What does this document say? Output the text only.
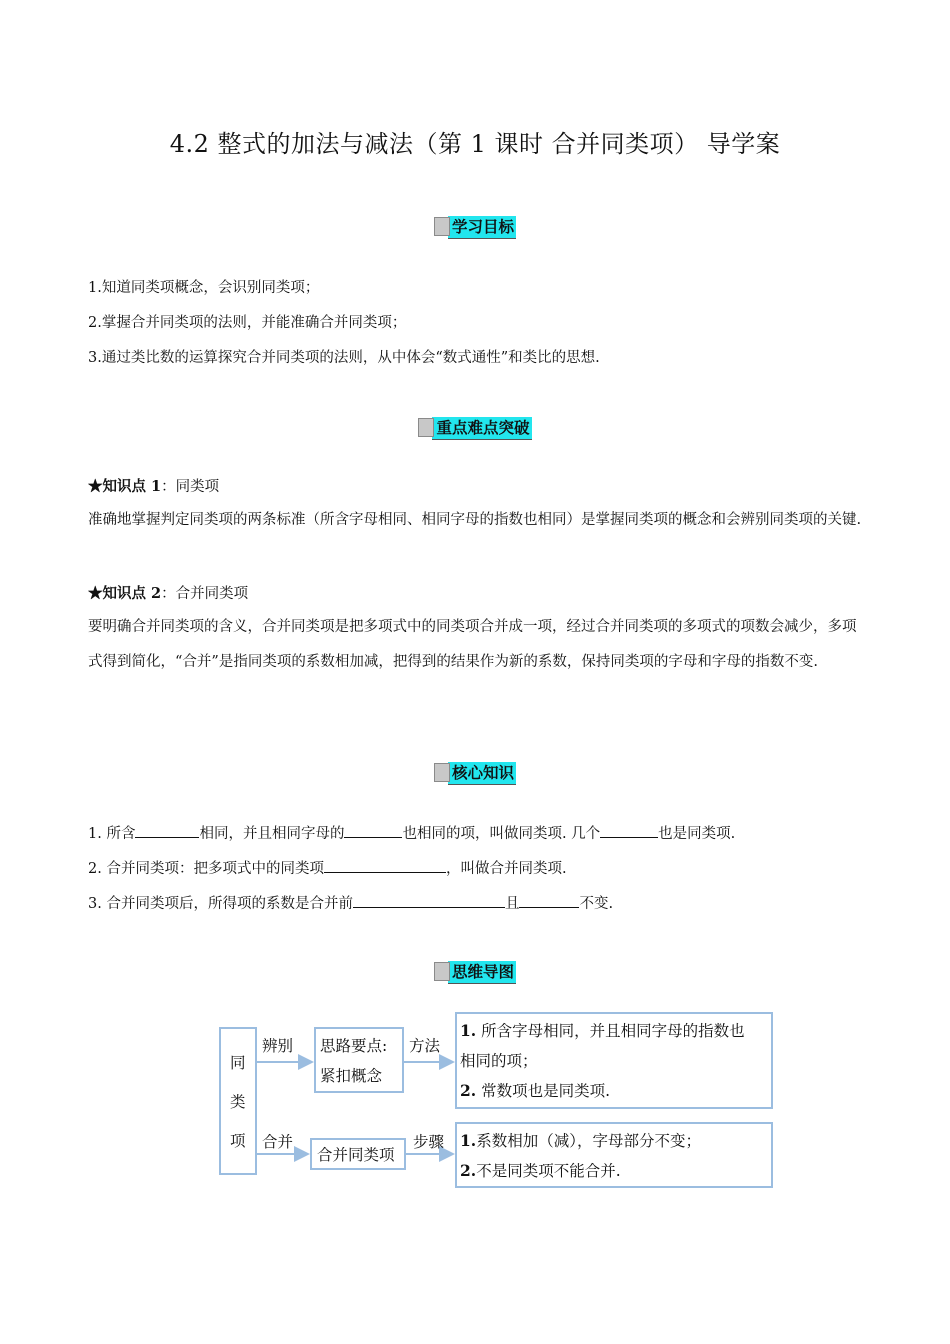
4.2 整式的加法与减法（第 1 课时 合并同类项） 导学案
学习目标
1.知道同类项概念，会识别同类项；
2.掌握合并同类项的法则，并能准确合并同类项；
3.通过类比数的运算探究合并同类项的法则，从中体会“数式通性”和类比的思想.
重点难点突破
★知识点 1：同类项
准确地掌握判定同类项的两条标准（所含字母相同、相同字母的指数也相同）是掌握同类项的概念和会辨别同类项的关键.
★知识点 2：合并同类项
要明确合并同类项的含义，合并同类项是把多项式中的同类项合并成一项，经过合并同类项的多项式的项数会减少，多项式得到简化，“合并”是指同类项的系数相加减，把得到的结果作为新的系数，保持同类项的字母和字母的指数不变.
核心知识
1. 所含	相同，并且相同字母的	也相同的项，叫做同类项. 几个	也是同类项.
2. 合并同类项：把多项式中的同类项	，叫做合并同类项.
3. 合并同类项后，所得项的系数是合并前	且	不变.
思维导图
同
类
项
辨别 思路要点:
紧扣概念
方法
1. 所含字母相同，并且相同字母的指数也
相同的项；
2. 常数项也是同类项.
合并
合并同类项
步骤 1.系数相加（减），字母部分不变；
2.不是同类项不能合并.
